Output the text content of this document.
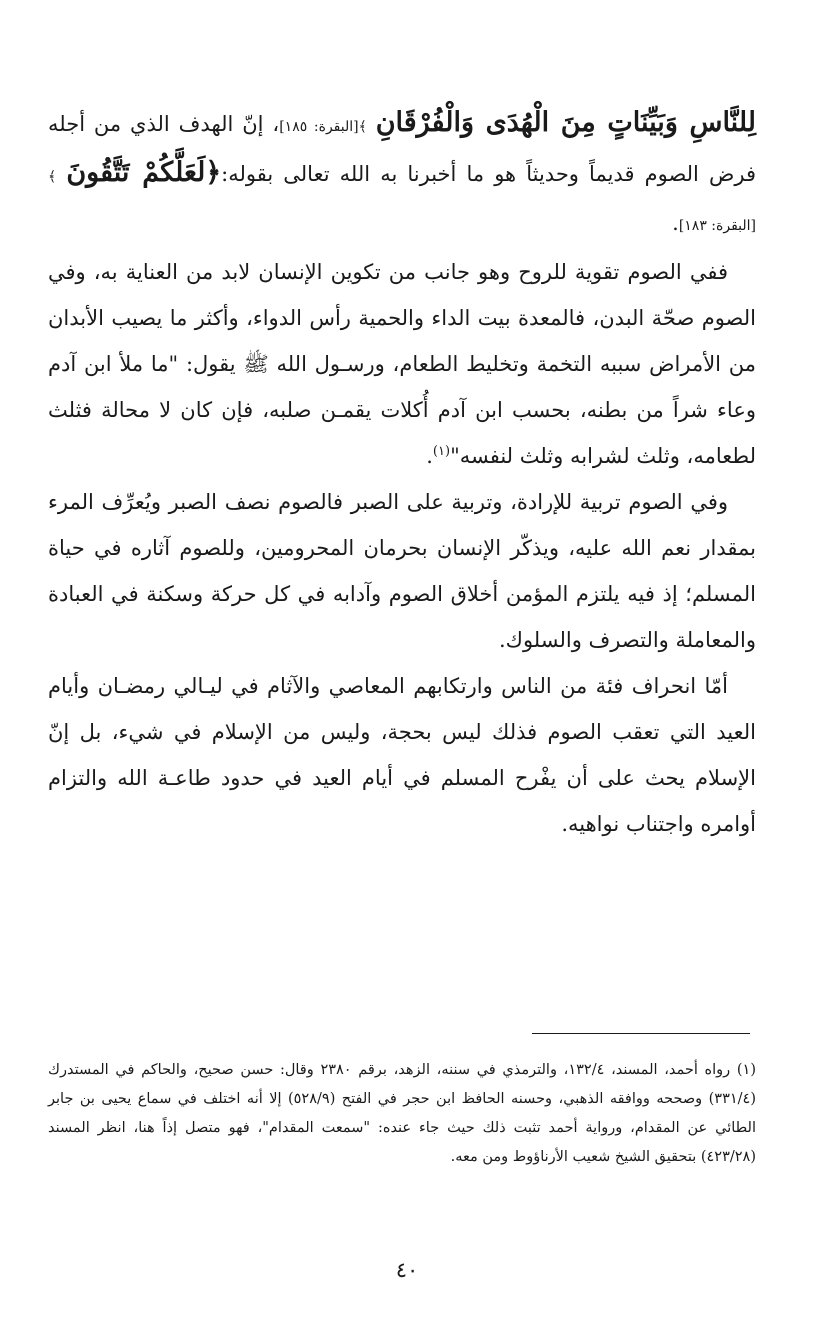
لِلنَّاسِ وَبَيِّنَاتٍ مِنَ الْهُدَى وَالْفُرْقَانِ ﴾[البقرة: ١٨٥]، إنّ الهدف الذي من أجله فرض الصوم قديماً وحديثاً هو ما أخبرنا به الله تعالى بقوله:﴿لَعَلَّكُمْ تَتَّقُونَ ﴾[البقرة: ١٨٣].

ففي الصوم تقوية للروح وهو جانب من تكوين الإنسان لابد من العناية به، وفي الصوم صحّة البدن، فالمعدة بيت الداء والحمية رأس الدواء، وأكثر ما يصيب الأبدان من الأمراض سببه التخمة وتخليط الطعام، ورسـول الله ﷺ يقول: "ما ملأ ابن آدم وعاء شراً من بطنه، بحسب ابن آدم أُكلات يقمـن صلبه، فإن كان لا محالة فثلث لطعامه، وثلث لشرابه وثلث لنفسه"$^{(١)}$.

وفي الصوم تربية للإرادة، وتربية على الصبر فالصوم نصف الصبر ويُعرِّف المرء بمقدار نعم الله عليه، ويذكّر الإنسان بحرمان المحرومين، وللصوم آثاره في حياة المسلم؛ إذ فيه يلتزم المؤمن أخلاق الصوم وآدابه في كل حركة وسكنة في العبادة والمعاملة والتصرف والسلوك.

أمّا انحراف فئة من الناس وارتكابهم المعاصي والآثام في ليـالي رمضـان وأيام العيد التي تعقب الصوم فذلك ليس بحجة، وليس من الإسلام في شيء، بل إنّ الإسلام يحث على أن يفْرح المسلم في أيام العيد في حدود طاعـة الله والتزام أوامره واجتناب نواهيه.

(١) رواه أحمد، المسند، ١٣٢/٤، والترمذي في سننه، الزهد، برقم ٢٣٨٠ وقال: حسن صحيح، والحاكم في المستدرك (٣٣١/٤) وصححه ووافقه الذهبي، وحسنه الحافظ ابن حجر في الفتح (٥٢٨/٩) إلا أنه اختلف في سماع يحيى بن جابر الطائي عن المقدام، ورواية أحمد تثبت ذلك حيث جاء عنده: "سمعت المقدام"، فهو متصل إذاً هنا، انظر المسند (٤٢٣/٢٨) بتحقيق الشيخ شعيب الأرناؤوط ومن معه.

٤٠
